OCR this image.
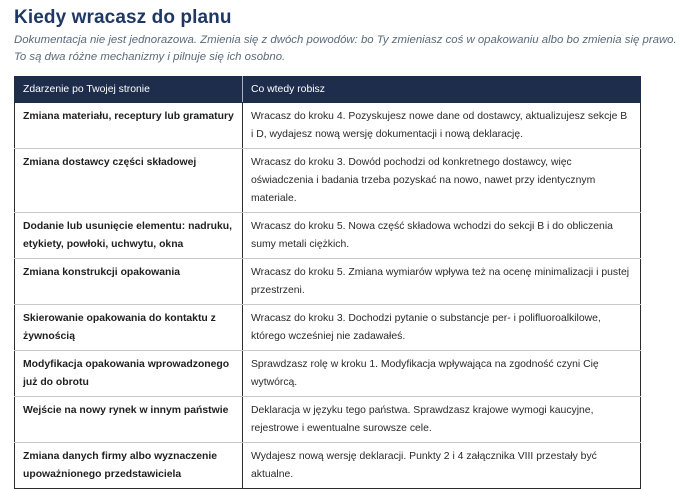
Kiedy wracasz do planu

Dokumentacja nie jest jednorazowa. Zmienia się z dwóch powodów: bo Ty zmieniasz coś w opakowaniu albo bo zmienia się prawo.
To są dwa różne mechanizmy i pilnuje się ich osobno.

Zdarzenie po Twojej stronie	Co wtedy robisz
Zmiana materiału, receptury lub gramatury	Wracasz do kroku 4. Pozyskujesz nowe dane od dostawcy, aktualizujesz sekcje B i D, wydajesz nową wersję dokumentacji i nową deklarację.
Zmiana dostawcy części składowej	Wracasz do kroku 3. Dowód pochodzi od konkretnego dostawcy, więc oświadczenia i badania trzeba pozyskać na nowo, nawet przy identycznym materiale.
Dodanie lub usunięcie elementu: nadruku, etykiety, powłoki, uchwytu, okna	Wracasz do kroku 5. Nowa część składowa wchodzi do sekcji B i do obliczenia sumy metali ciężkich.
Zmiana konstrukcji opakowania	Wracasz do kroku 5. Zmiana wymiarów wpływa też na ocenę minimalizacji i pustej przestrzeni.
Skierowanie opakowania do kontaktu z żywnością	Wracasz do kroku 3. Dochodzi pytanie o substancje per- i polifluoroalkilowe, którego wcześniej nie zadawałeś.
Modyfikacja opakowania wprowadzonego już do obrotu	Sprawdzasz rolę w kroku 1. Modyfikacja wpływająca na zgodność czyni Cię wytwórcą.
Wejście na nowy rynek w innym państwie	Deklaracja w języku tego państwa. Sprawdzasz krajowe wymogi kaucyjne, rejestrowe i ewentualne surowsze cele.
Zmiana danych firmy albo wyznaczenie upoważnionego przedstawiciela	Wydajesz nową wersję deklaracji. Punkty 2 i 4 załącznika VIII przestały być aktualne.
